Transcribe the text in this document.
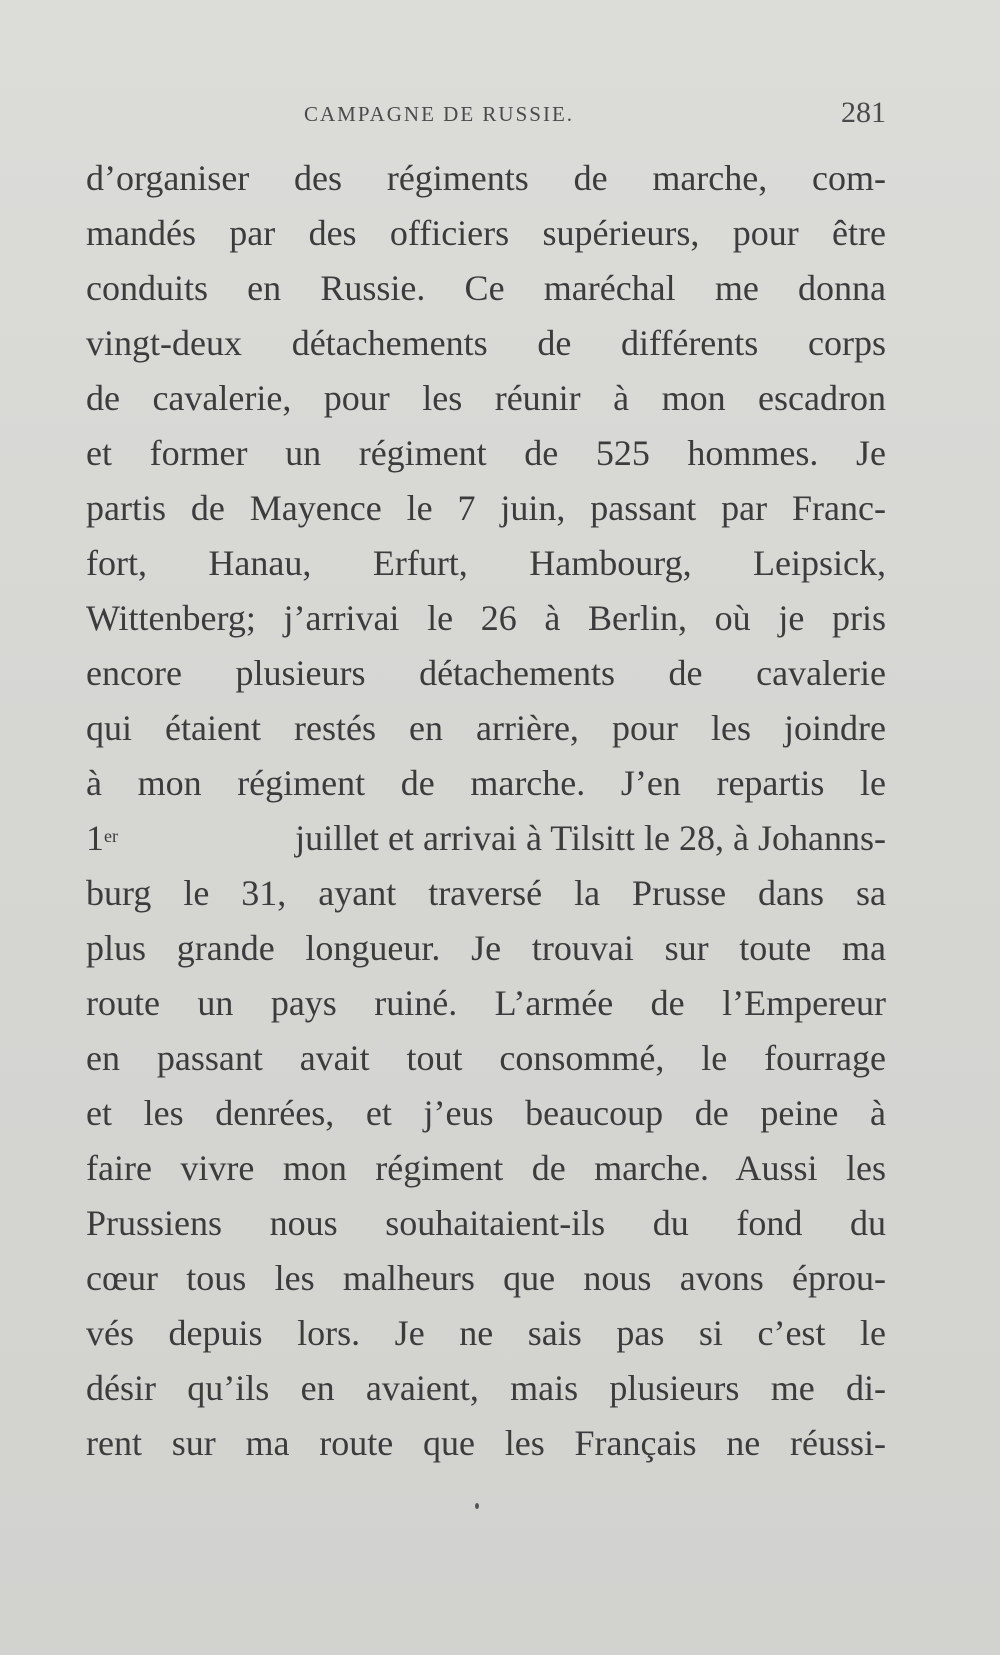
CAMPAGNE DE RUSSIE.	281
d’organiser des régiments de marche, com-
mandés par des officiers supérieurs, pour être
conduits en Russie. Ce maréchal me donna
vingt-deux détachements de différents corps
de cavalerie, pour les réunir à mon escadron
et former un régiment de 525 hommes. Je
partis de Mayence le 7 juin, passant par Franc-
fort, Hanau, Erfurt, Hambourg, Leipsick,
Wittenberg; j’arrivai le 26 à Berlin, où je pris
encore plusieurs détachements de cavalerie
qui étaient restés en arrière, pour les joindre
à mon régiment de marche. J’en repartis le
1er	juillet et arrivai à Tilsitt le 28, à Johanns-
burg le 31, ayant traversé la Prusse dans sa
plus grande longueur. Je trouvai sur toute ma
route un pays ruiné. L’armée de l’Empereur
en passant avait tout consommé, le fourrage
et les denrées, et j’eus beaucoup de peine à
faire vivre mon régiment de marche. Aussi les
Prussiens nous souhaitaient-ils du fond du
cœur tous les malheurs que nous avons éprou-
vés depuis lors. Je ne sais pas si c’est le
désir qu’ils en avaient, mais plusieurs me di-
rent sur ma route que les Français ne réussi-
